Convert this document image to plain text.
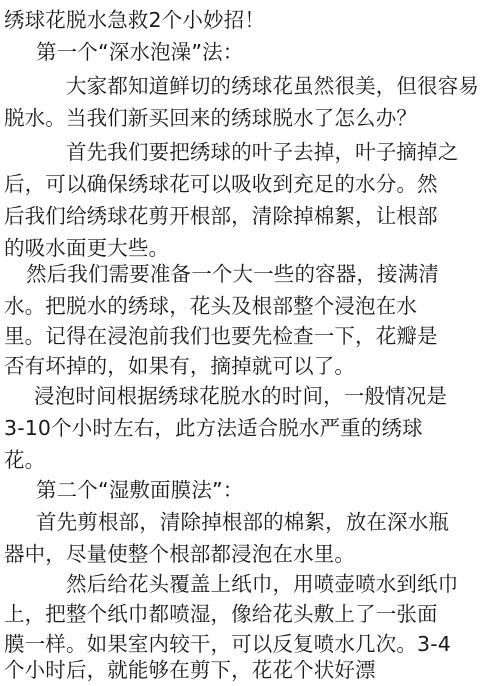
绣球花脱水急救2个小妙招！
第一个“深水泡澡”法：
大家都知道鲜切的绣球花虽然很美，但很容易
脱水。当我们新买回来的绣球脱水了怎么办？
首先我们要把绣球的叶子去掉，叶子摘掉之
后，可以确保绣球花可以吸收到充足的水分。然
后我们给绣球花剪开根部，清除掉棉絮，让根部
的吸水面更大些。
然后我们需要准备一个大一些的容器，接满清
水。把脱水的绣球，花头及根部整个浸泡在水
里。记得在浸泡前我们也要先检查一下，花瓣是
否有坏掉的，如果有，摘掉就可以了。
浸泡时间根据绣球花脱水的时间，一般情况是
3-10个小时左右，此方法适合脱水严重的绣球
花。
第二个“湿敷面膜法”：
首先剪根部，清除掉根部的棉絮，放在深水瓶
器中，尽量使整个根部都浸泡在水里。
然后给花头覆盖上纸巾，用喷壶喷水到纸巾
上，把整个纸巾都喷湿，像给花头敷上了一张面
膜一样。如果室内较干，可以反复喷水几次。3-4
个小时后，就能够在剪下，花花个状好漂
